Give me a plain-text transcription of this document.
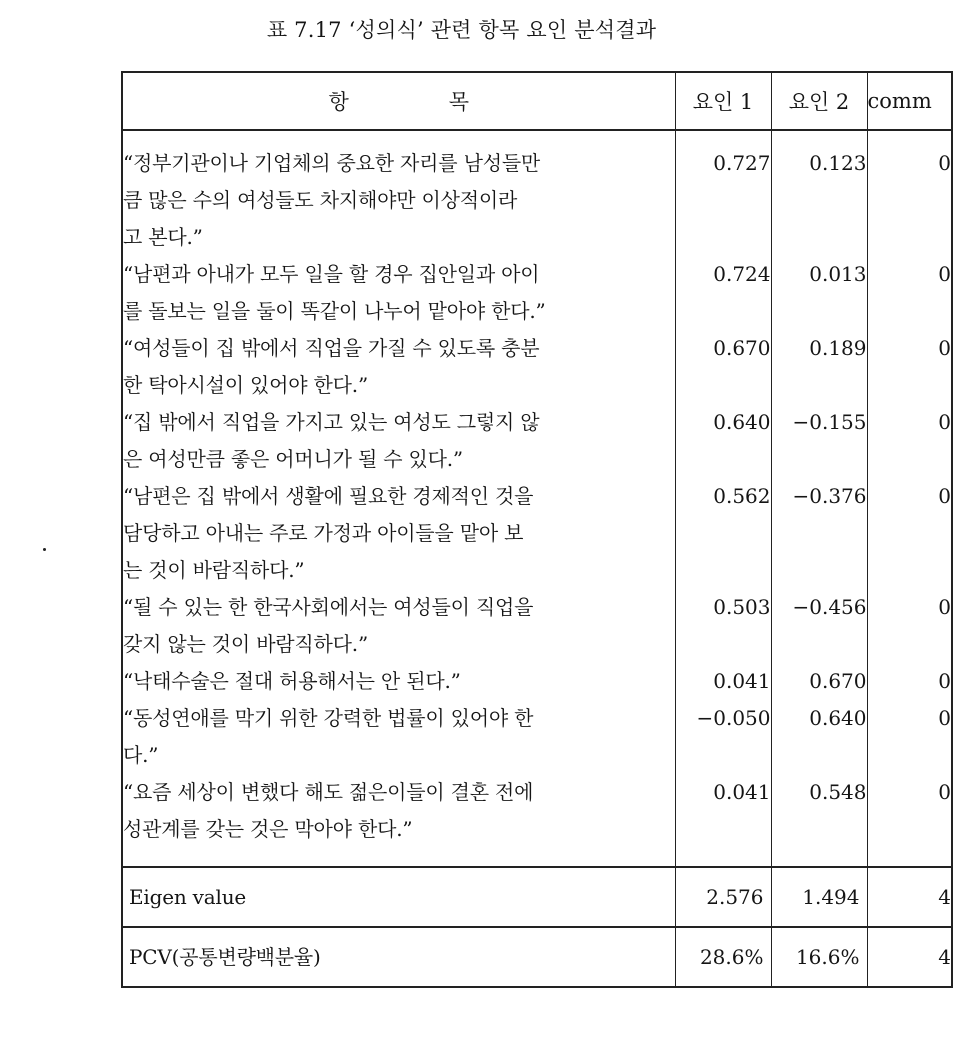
표 7.17 ‘성의식’ 관련 항목 요인 분석결과
항 목	요인 1	요인 2	comm
“정부기관이나 기업체의 중요한 자리를 남성들만
큼 많은 수의 여성들도 차지해야만 이상적이라
고 본다.”	0.727	0.123	0
“남편과 아내가 모두 일을 할 경우 집안일과 아이
를 돌보는 일을 둘이 똑같이 나누어 맡아야 한다.”	0.724	0.013	0
“여성들이 집 밖에서 직업을 가질 수 있도록 충분
한 탁아시설이 있어야 한다.”	0.670	0.189	0
“집 밖에서 직업을 가지고 있는 여성도 그렇지 않
은 여성만큼 좋은 어머니가 될 수 있다.”	0.640	−0.155	0
“남편은 집 밖에서 생활에 필요한 경제적인 것을
담당하고 아내는 주로 가정과 아이들을 맡아 보
는 것이 바람직하다.”	0.562	−0.376	0
“될 수 있는 한 한국사회에서는 여성들이 직업을
갖지 않는 것이 바람직하다.”	0.503	−0.456	0
“낙태수술은 절대 허용해서는 안 된다.”	0.041	0.670	0
“동성연애를 막기 위한 강력한 법률이 있어야 한
다.”	−0.050	0.640	0
“요즘 세상이 변했다 해도 젊은이들이 결혼 전에
성관계를 갖는 것은 막아야 한다.”	0.041	0.548	0
Eigen value	2.576	1.494	4
PCV(공통변량백분율)	28.6%	16.6%	4
